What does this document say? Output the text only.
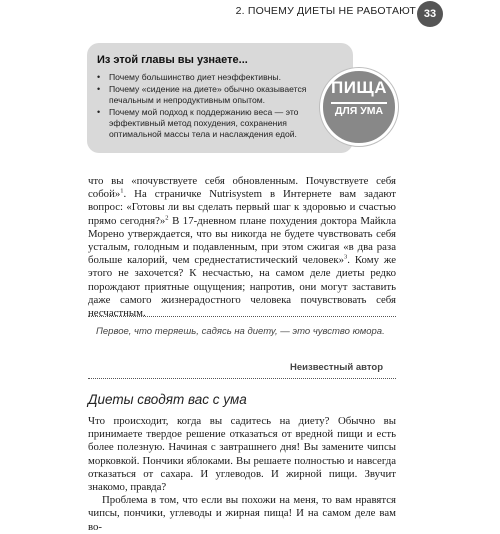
2. ПОЧЕМУ ДИЕТЫ НЕ РАБОТАЮТ 33
Из этой главы вы узнаете...
• Почему большинство диет неэффективны.
• Почему «сидение на диете» обычно оказывается печальным и непродуктивным опытом.
• Почему мой подход к поддержанию веса — это эффективный метод похудения, сохранения оптимальной массы тела и наслаждения едой.
ПИЩА
ДЛЯ УМА

что вы «почувствуете себя обновленным. Почувствуете себя собой»$^1$. На страничке Nutrisystem в Интернете вам задают вопрос: «Готовы ли вы сделать первый шаг к здоровью и счастью прямо сегодня?»$^2$ В 17-дневном плане похудения доктора Майкла Морено утверждается, что вы никогда не будете чувствовать себя усталым, голодным и подавленным, при этом сжигая «в два раза больше калорий, чем среднестатистический человек»$^3$. Кому же этого не захочется? К несчастью, на самом деле диеты редко порождают приятные ощущения; напротив, они могут заставить даже самого жизнерадостного человека почувствовать себя несчастным.

Первое, что теряешь, садясь на диету, — это чувство юмора.
Неизвестный автор
Диеты сводят вас с ума

Что происходит, когда вы садитесь на диету? Обычно вы принимаете твердое решение отказаться от вредной пищи и есть более полезную. Начиная с завтрашнего дня! Вы замените чипсы морковкой. Пончики яблоками. Вы решаете полностью и навсегда отказаться от сахара. И углеводов. И жирной пищи. Звучит знакомо, правда?

Проблема в том, что если вы похожи на меня, то вам нравятся чипсы, пончики, углеводы и жирная пища! И на самом деле вам во-
